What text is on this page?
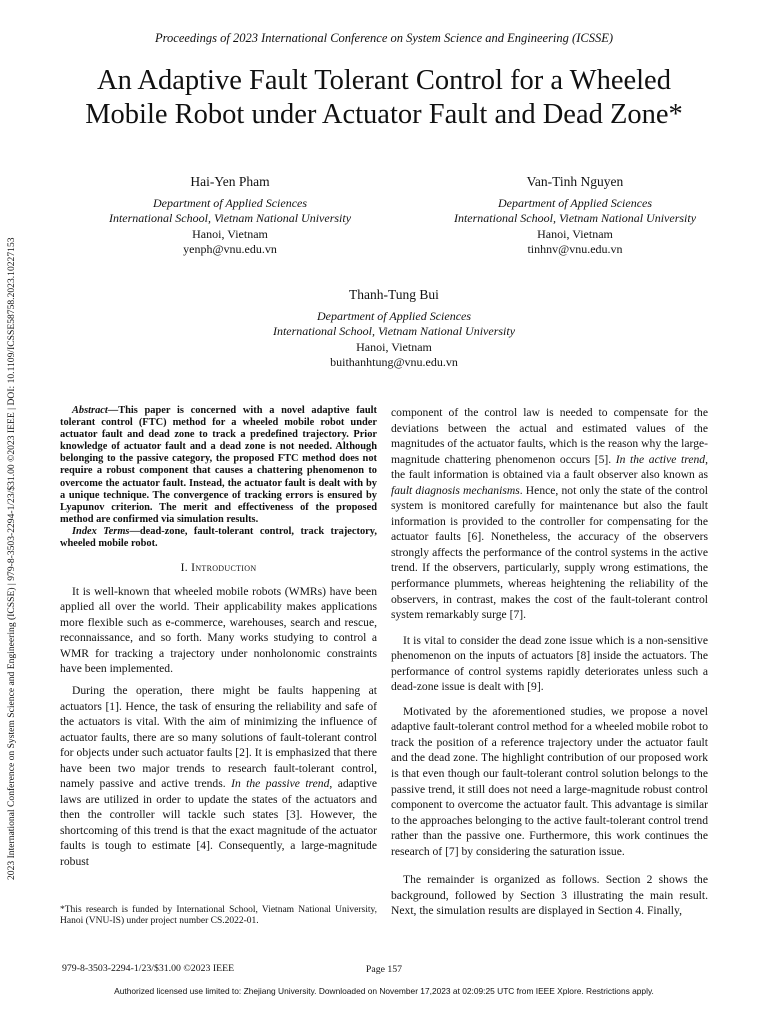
Proceedings of 2023 International Conference on System Science and Engineering (ICSSE)
An Adaptive Fault Tolerant Control for a Wheeled
Mobile Robot under Actuator Fault and Dead Zone*
2023 International Conference on System Science and Engineering (ICSSE) | 979-8-3503-2294-1/23/$31.00 ©2023 IEEE | DOI: 10.1109/ICSSE58758.2023.10227153
Hai-Yen Pham
Department of Applied Sciences
International School, Vietnam National University
Hanoi, Vietnam
yenph@vnu.edu.vn
Van-Tinh Nguyen
Department of Applied Sciences
International School, Vietnam National University
Hanoi, Vietnam
tinhnv@vnu.edu.vn
Thanh-Tung Bui
Department of Applied Sciences
International School, Vietnam National University
Hanoi, Vietnam
buithanhtung@vnu.edu.vn

Abstract—This paper is concerned with a novel adaptive fault tolerant control (FTC) method for a wheeled mobile robot under actuator fault and dead zone to track a predefined trajectory. Prior knowledge of actuator fault and a dead zone is not needed. Although belonging to the passive category, the proposed FTC method does not require a robust component that causes a chattering phenomenon to overcome the actuator fault. Instead, the actuator fault is dealt with by a unique technique. The convergence of tracking errors is ensured by Lyapunov criterion. The merit and effectiveness of the proposed method are confirmed via simulation results.

Index Terms—dead-zone, fault-tolerant control, track trajectory, wheeled mobile robot.

I. Introduction

It is well-known that wheeled mobile robots (WMRs) have been applied all over the world. Their applicability makes applications more flexible such as e-commerce, warehouses, search and rescue, reconnaissance, and so forth. Many works studying to control a WMR for tracking a trajectory under nonholonomic constraints have been implemented.

During the operation, there might be faults happening at actuators [1]. Hence, the task of ensuring the reliability and safe of the actuators is vital. With the aim of minimizing the influence of actuator faults, there are so many solutions of fault-tolerant control for objects under such actuator faults [2]. It is emphasized that there have been two major trends to research fault-tolerant control, namely passive and active trends. In the passive trend, adaptive laws are utilized in order to update the states of the actuators and then the controller will tackle such states [3]. However, the shortcoming of this trend is that the exact magnitude of the actuator faults is tough to estimate [4]. Consequently, a large-magnitude robust

*This research is funded by International School, Vietnam National University, Hanoi (VNU-IS) under project number CS.2022-01.

component of the control law is needed to compensate for the deviations between the actual and estimated values of the magnitudes of the actuator faults, which is the reason why the large-magnitude chattering phenomenon occurs [5]. In the active trend, the fault information is obtained via a fault observer also known as fault diagnosis mechanisms. Hence, not only the state of the control system is monitored carefully for maintenance but also the fault information is provided to the controller for compensating for the actuator faults [6]. Nonetheless, the accuracy of the observers strongly affects the performance of the control systems in the active trend. If the observers, particularly, supply wrong estimations, the performance plummets, whereas heightening the reliability of the observers, in contrast, makes the cost of the fault-tolerant control system remarkably surge [7].

It is vital to consider the dead zone issue which is a non-sensitive phenomenon on the inputs of actuators [8] inside the actuators. The performance of control systems rapidly deteriorates unless such a dead-zone issue is dealt with [9].

Motivated by the aforementioned studies, we propose a novel adaptive fault-tolerant control method for a wheeled mobile robot to track the position of a reference trajectory under the actuator fault and the dead zone. The highlight contribution of our proposed work is that even though our fault-tolerant control solution belongs to the passive trend, it still does not need a large-magnitude robust control component to overcome the actuator fault. This advantage is similar to the approaches belonging to the active fault-tolerant control trend rather than the passive one. Furthermore, this work continues the research of [7] by considering the saturation issue.

The remainder is organized as follows. Section 2 shows the background, followed by Section 3 illustrating the main result. Next, the simulation results are displayed in Section 4. Finally,

979-8-3503-2294-1/23/$31.00 ©2023 IEEE	Page 157
Authorized licensed use limited to: Zhejiang University. Downloaded on November 17,2023 at 02:09:25 UTC from IEEE Xplore. Restrictions apply.
